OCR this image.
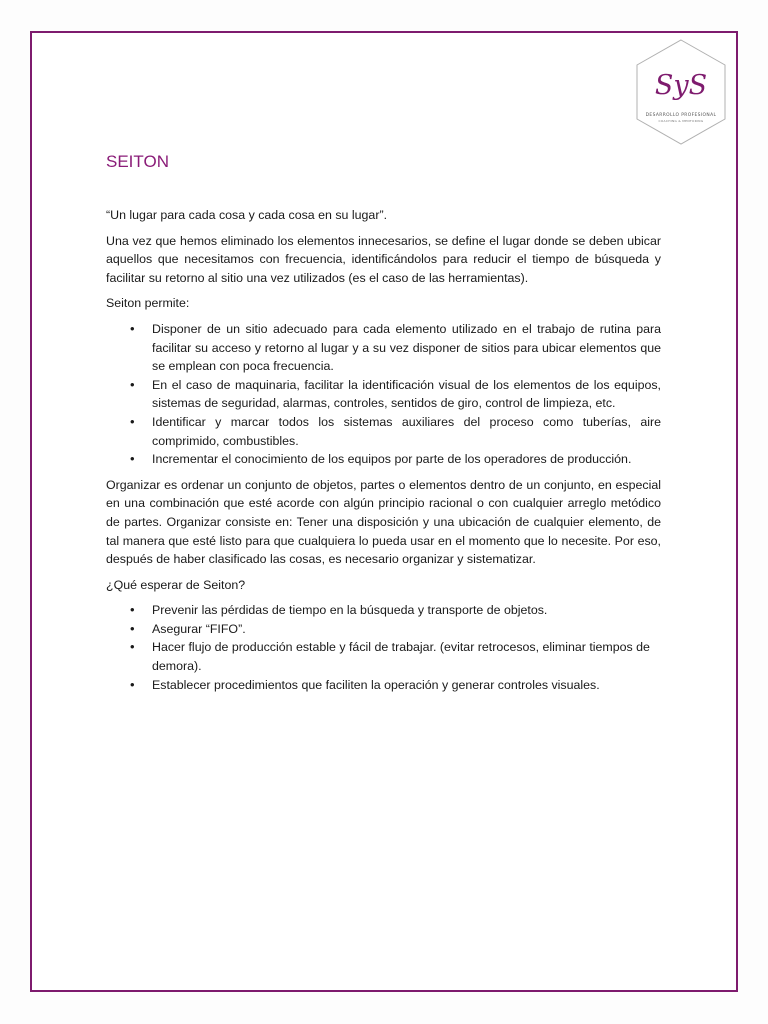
SyS
DESARROLLO PROFESIONAL
COACHING & MENTORING
SEITON

“Un lugar para cada cosa y cada cosa en su lugar”.

Una vez que hemos eliminado los elementos innecesarios, se define el lugar donde se deben ubicar aquellos que necesitamos con frecuencia, identificándolos para reducir el tiempo de búsqueda y facilitar su retorno al sitio una vez utilizados (es el caso de las herramientas).

Seiton permite:

• Disponer de un sitio adecuado para cada elemento utilizado en el trabajo de rutina para facilitar su acceso y retorno al lugar y a su vez disponer de sitios para ubicar elementos que se emplean con poca frecuencia.
• En el caso de maquinaria, facilitar la identificación visual de los elementos de los equipos, sistemas de seguridad, alarmas, controles, sentidos de giro, control de limpieza, etc.
• Identificar y marcar todos los sistemas auxiliares del proceso como tuberías, aire comprimido, combustibles.
• Incrementar el conocimiento de los equipos por parte de los operadores de producción.

Organizar es ordenar un conjunto de objetos, partes o elementos dentro de un conjunto, en especial en una combinación que esté acorde con algún principio racional o con cualquier arreglo metódico de partes. Organizar consiste en: Tener una disposición y una ubicación de cualquier elemento, de tal manera que esté listo para que cualquiera lo pueda usar en el momento que lo necesite. Por eso, después de haber clasificado las cosas, es necesario organizar y sistematizar.

¿Qué esperar de Seiton?

• Prevenir las pérdidas de tiempo en la búsqueda y transporte de objetos.
• Asegurar “FIFO”.
• Hacer flujo de producción estable y fácil de trabajar. (evitar retrocesos, eliminar tiempos de demora).
• Establecer procedimientos que faciliten la operación y generar controles visuales.
